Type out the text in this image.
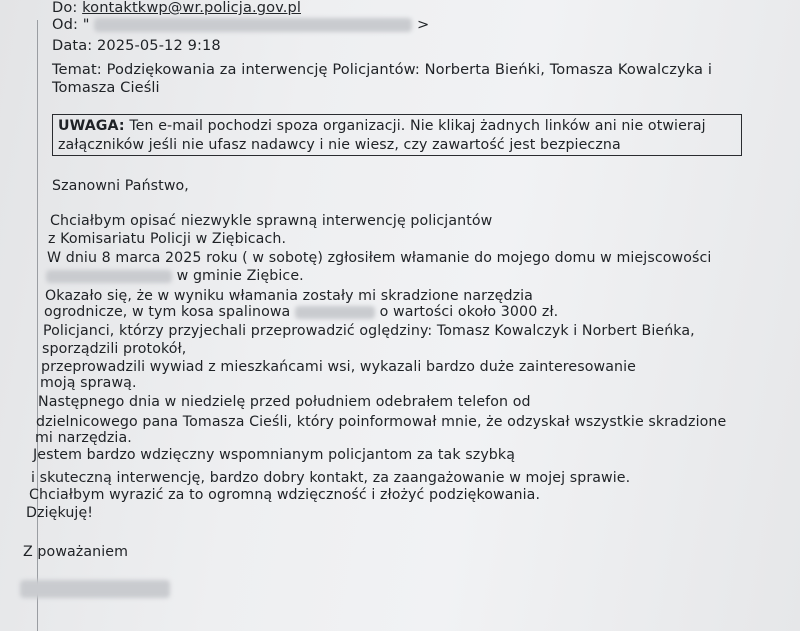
Do: kontaktkwp@wr.policja.gov.pl
Od: "	>
Data: 2025-05-12 9:18
Temat: Podziękowania za interwencję Policjantów: Norberta Bieńki, Tomasza Kowalczyka i
Tomasza Cieśli
UWAGA: Ten e-mail pochodzi spoza organizacji. Nie klikaj żadnych linków ani nie otwieraj
załączników jeśli nie ufasz nadawcy i nie wiesz, czy zawartość jest bezpieczna
Szanowni Państwo,
Chciałbym opisać niezwykle sprawną interwencję policjantów
z Komisariatu Policji w Ziębicach.
W dniu 8 marca 2025 roku ( w sobotę) zgłosiłem włamanie do mojego domu w miejscowości
w gminie Ziębice.
Okazało się, że w wyniku włamania zostały mi skradzione narzędzia
ogrodnicze, w tym kosa spalinowa	o wartości około 3000 zł.
Policjanci, którzy przyjechali przeprowadzić oględziny: Tomasz Kowalczyk i Norbert Bieńka,
sporządzili protokół,
przeprowadzili wywiad z mieszkańcami wsi, wykazali bardzo duże zainteresowanie
moją sprawą.
Następnego dnia w niedzielę przed południem odebrałem telefon od
dzielnicowego pana Tomasza Cieśli, który poinformował mnie, że odzyskał wszystkie skradzione
mi narzędzia.
Jestem bardzo wdzięczny wspomnianym policjantom za tak szybką
i skuteczną interwencję, bardzo dobry kontakt, za zaangażowanie w mojej sprawie.
Chciałbym wyrazić za to ogromną wdzięczność i złożyć podziękowania.
Dziękuję!
Z poważaniem
